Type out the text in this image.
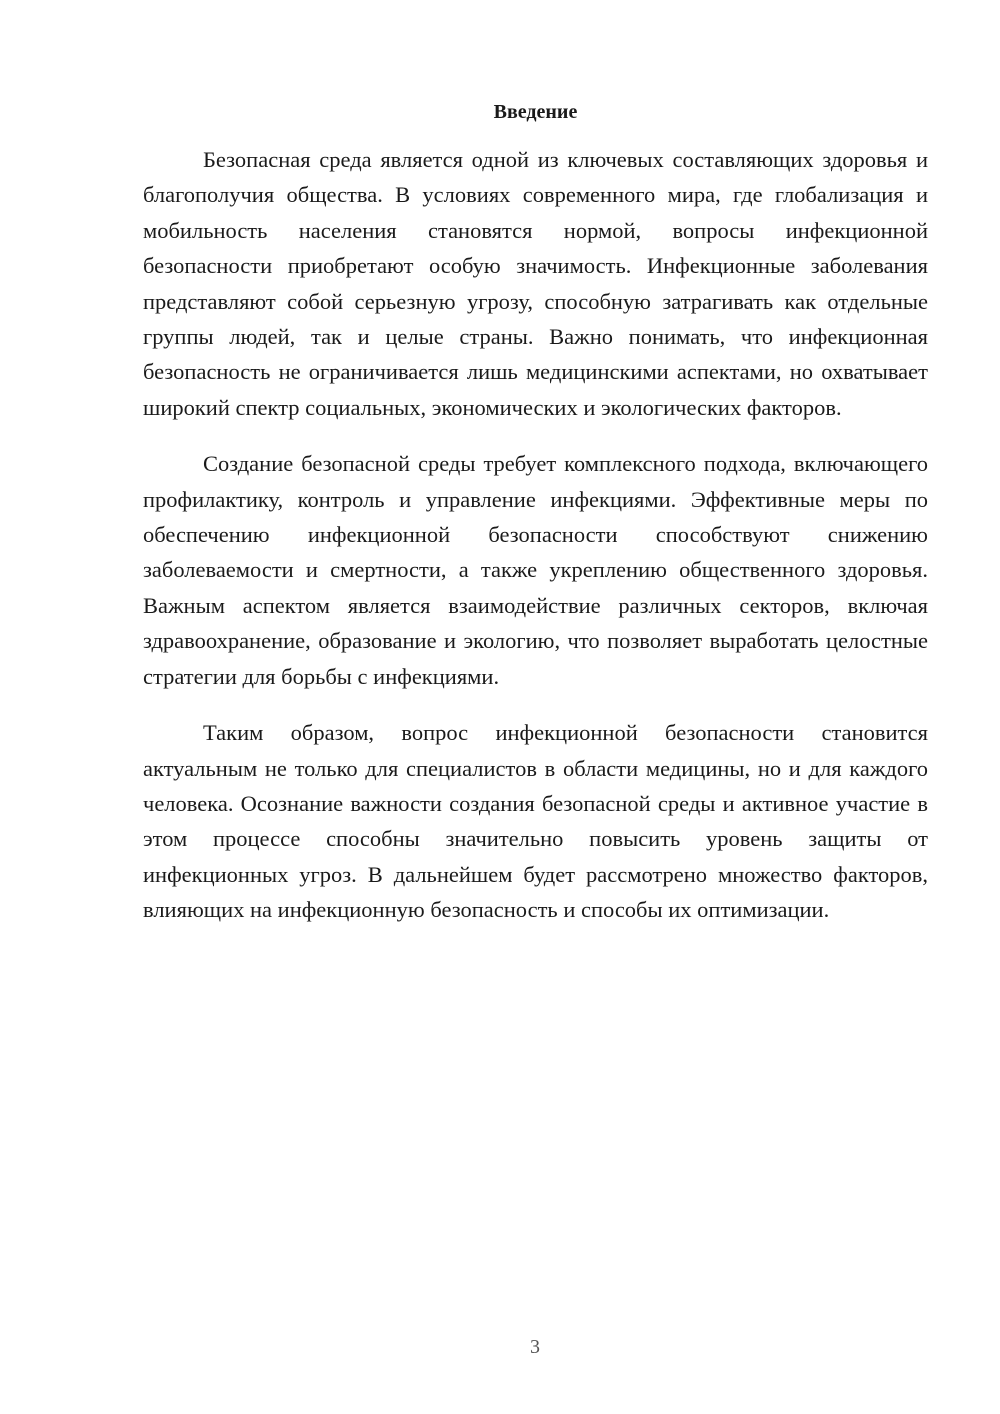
Введение

Безопасная среда является одной из ключевых составляющих здоровья и благополучия общества. В условиях современного мира, где глобализация и мобильность населения становятся нормой, вопросы инфекционной безопасности приобретают особую значимость. Инфекционные заболевания представляют собой серьезную угрозу, способную затрагивать как отдельные группы людей, так и целые страны. Важно понимать, что инфекционная безопасность не ограничивается лишь медицинскими аспектами, но охватывает широкий спектр социальных, экономических и экологических факторов.

Создание безопасной среды требует комплексного подхода, включающего профилактику, контроль и управление инфекциями. Эффективные меры по обеспечению инфекционной безопасности способствуют снижению заболеваемости и смертности, а также укреплению общественного здоровья. Важным аспектом является взаимодействие различных секторов, включая здравоохранение, образование и экологию, что позволяет выработать целостные стратегии для борьбы с инфекциями.

Таким образом, вопрос инфекционной безопасности становится актуальным не только для специалистов в области медицины, но и для каждого человека. Осознание важности создания безопасной среды и активное участие в этом процессе способны значительно повысить уровень защиты от инфекционных угроз. В дальнейшем будет рассмотрено множество факторов, влияющих на инфекционную безопасность и способы их оптимизации.

3
